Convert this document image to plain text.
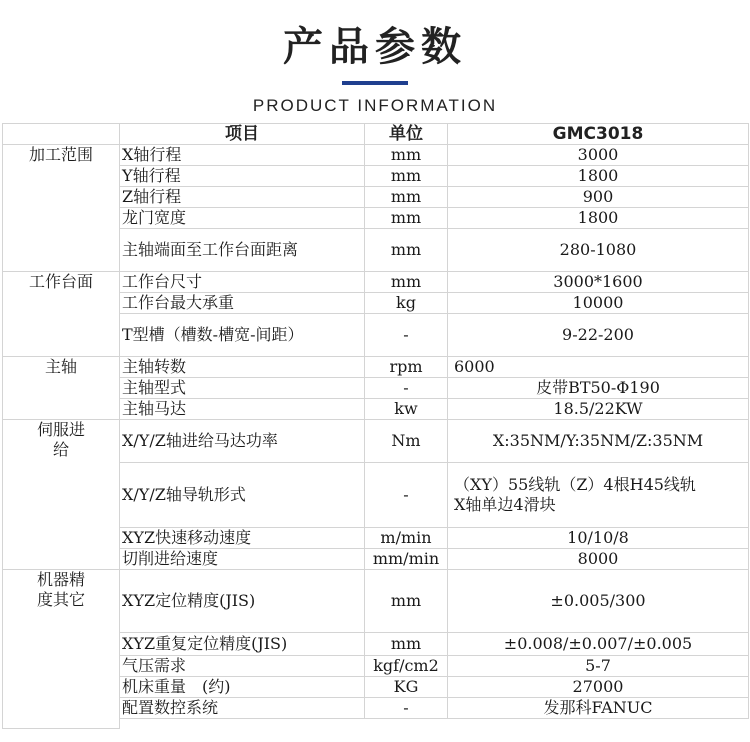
产品参数
PRODUCT INFORMATION
	项目	单位	GMC3018
加工范围	X轴行程	mm	3000
	Y轴行程	mm	1800
	Z轴行程	mm	900
	龙门宽度	mm	1800
	主轴端面至工作台面距离	mm	280-1080
工作台面	工作台尺寸	mm	3000*1600
	工作台最大承重	kg	10000
	T型槽（槽数-槽宽-间距）	-	9-22-200
主轴	主轴转数	rpm	6000
	主轴型式	-	皮带BT50-Φ190
	主轴马达	kw	18.5/22KW
伺服进给	X/Y/Z轴进给马达功率	Nm	X:35NM/Y:35NM/Z:35NM
	X/Y/Z轴导轨形式	-	（XY）55线轨（Z）4根H45线轨
X轴单边4滑块

	XYZ快速移动速度	m/min	10/10/8
	切削进给速度	mm/min	8000
机器精度其它	XYZ定位精度(JIS)	mm	±0.005/300
	XYZ重复定位精度(JIS)	mm	±0.008/±0.007/±0.005
	气压需求	kgf/cm2	5-7
	机床重量　(约)	KG	27000
	配置数控系统	-	发那科FANUC
